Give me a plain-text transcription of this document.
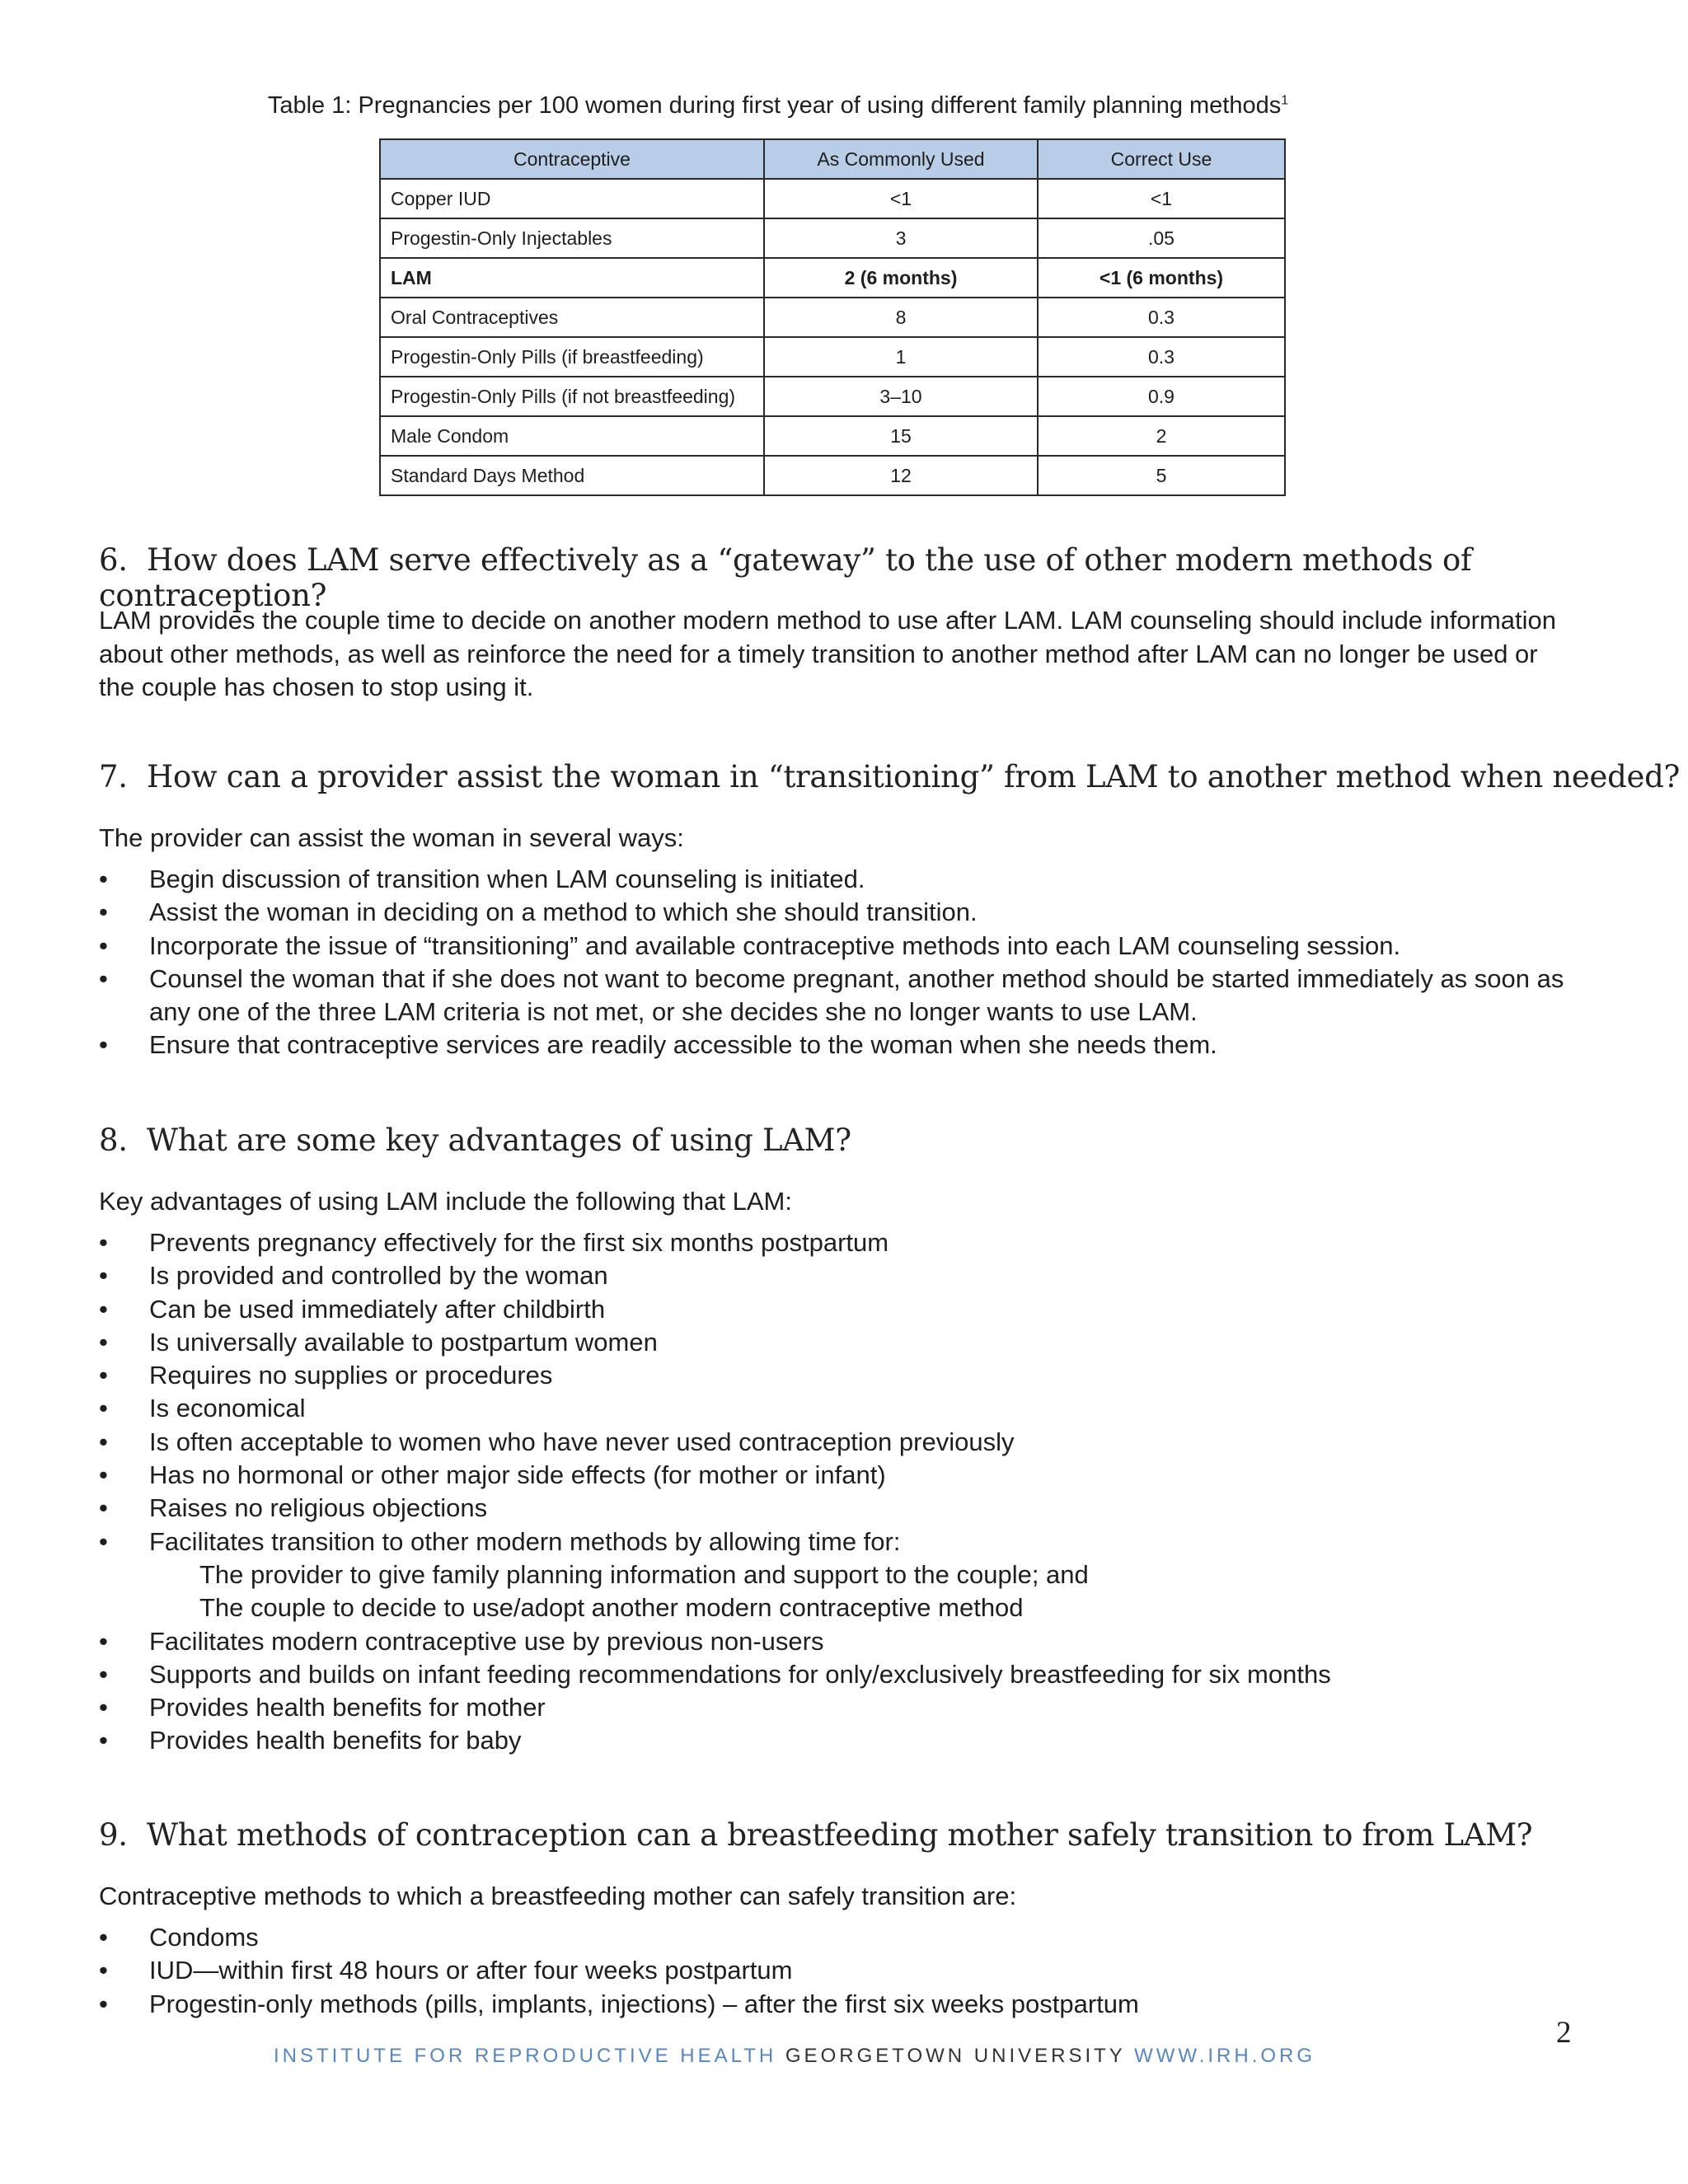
Table 1: Pregnancies per 100 women during first year of using different family planning methods$^1$
Contraceptive	As Commonly Used	Correct Use
Copper IUD	<1	<1
Progestin-Only Injectables	3	.05
LAM	2 (6 months)	<1 (6 months)
Oral Contraceptives	8	0.3
Progestin-Only Pills (if breastfeeding)	1	0.3
Progestin-Only Pills (if not breastfeeding)	3–10	0.9
Male Condom	15	2
Standard Days Method	12	5
6. How does LAM serve effectively as a “gateway” to the use of other modern methods of contraception?

LAM provides the couple time to decide on another modern method to use after LAM. LAM counseling should include information
about other methods, as well as reinforce the need for a timely transition to another method after LAM can no longer be used or
the couple has chosen to stop using it.

7. How can a provider assist the woman in “transitioning” from LAM to another method when needed?

The provider can assist the woman in several ways:

• Begin discussion of transition when LAM counseling is initiated.
• Assist the woman in deciding on a method to which she should transition.
• Incorporate the issue of “transitioning” and available contraceptive methods into each LAM counseling session.
• Counsel the woman that if she does not want to become pregnant, another method should be started immediately as soon as
any one of the three LAM criteria is not met, or she decides she no longer wants to use LAM.
• Ensure that contraceptive services are readily accessible to the woman when she needs them.
8. What are some key advantages of using LAM?

Key advantages of using LAM include the following that LAM:

• Prevents pregnancy effectively for the first six months postpartum
• Is provided and controlled by the woman
• Can be used immediately after childbirth
• Is universally available to postpartum women
• Requires no supplies or procedures
• Is economical
• Is often acceptable to women who have never used contraception previously
• Has no hormonal or other major side effects (for mother or infant)
• Raises no religious objections
• Facilitates transition to other modern methods by allowing time for:
The provider to give family planning information and support to the couple; and
The couple to decide to use/adopt another modern contraceptive method
• Facilitates modern contraceptive use by previous non-users
• Supports and builds on infant feeding recommendations for only/exclusively breastfeeding for six months
• Provides health benefits for mother
• Provides health benefits for baby
9. What methods of contraception can a breastfeeding mother safely transition to from LAM?

Contraceptive methods to which a breastfeeding mother can safely transition are:

• Condoms
• IUD—within first 48 hours or after four weeks postpartum
• Progestin-only methods (pills, implants, injections) – after the first six weeks postpartum
2
INSTITUTE FOR REPRODUCTIVE HEALTH GEORGETOWN UNIVERSITY WWW.IRH.ORG
